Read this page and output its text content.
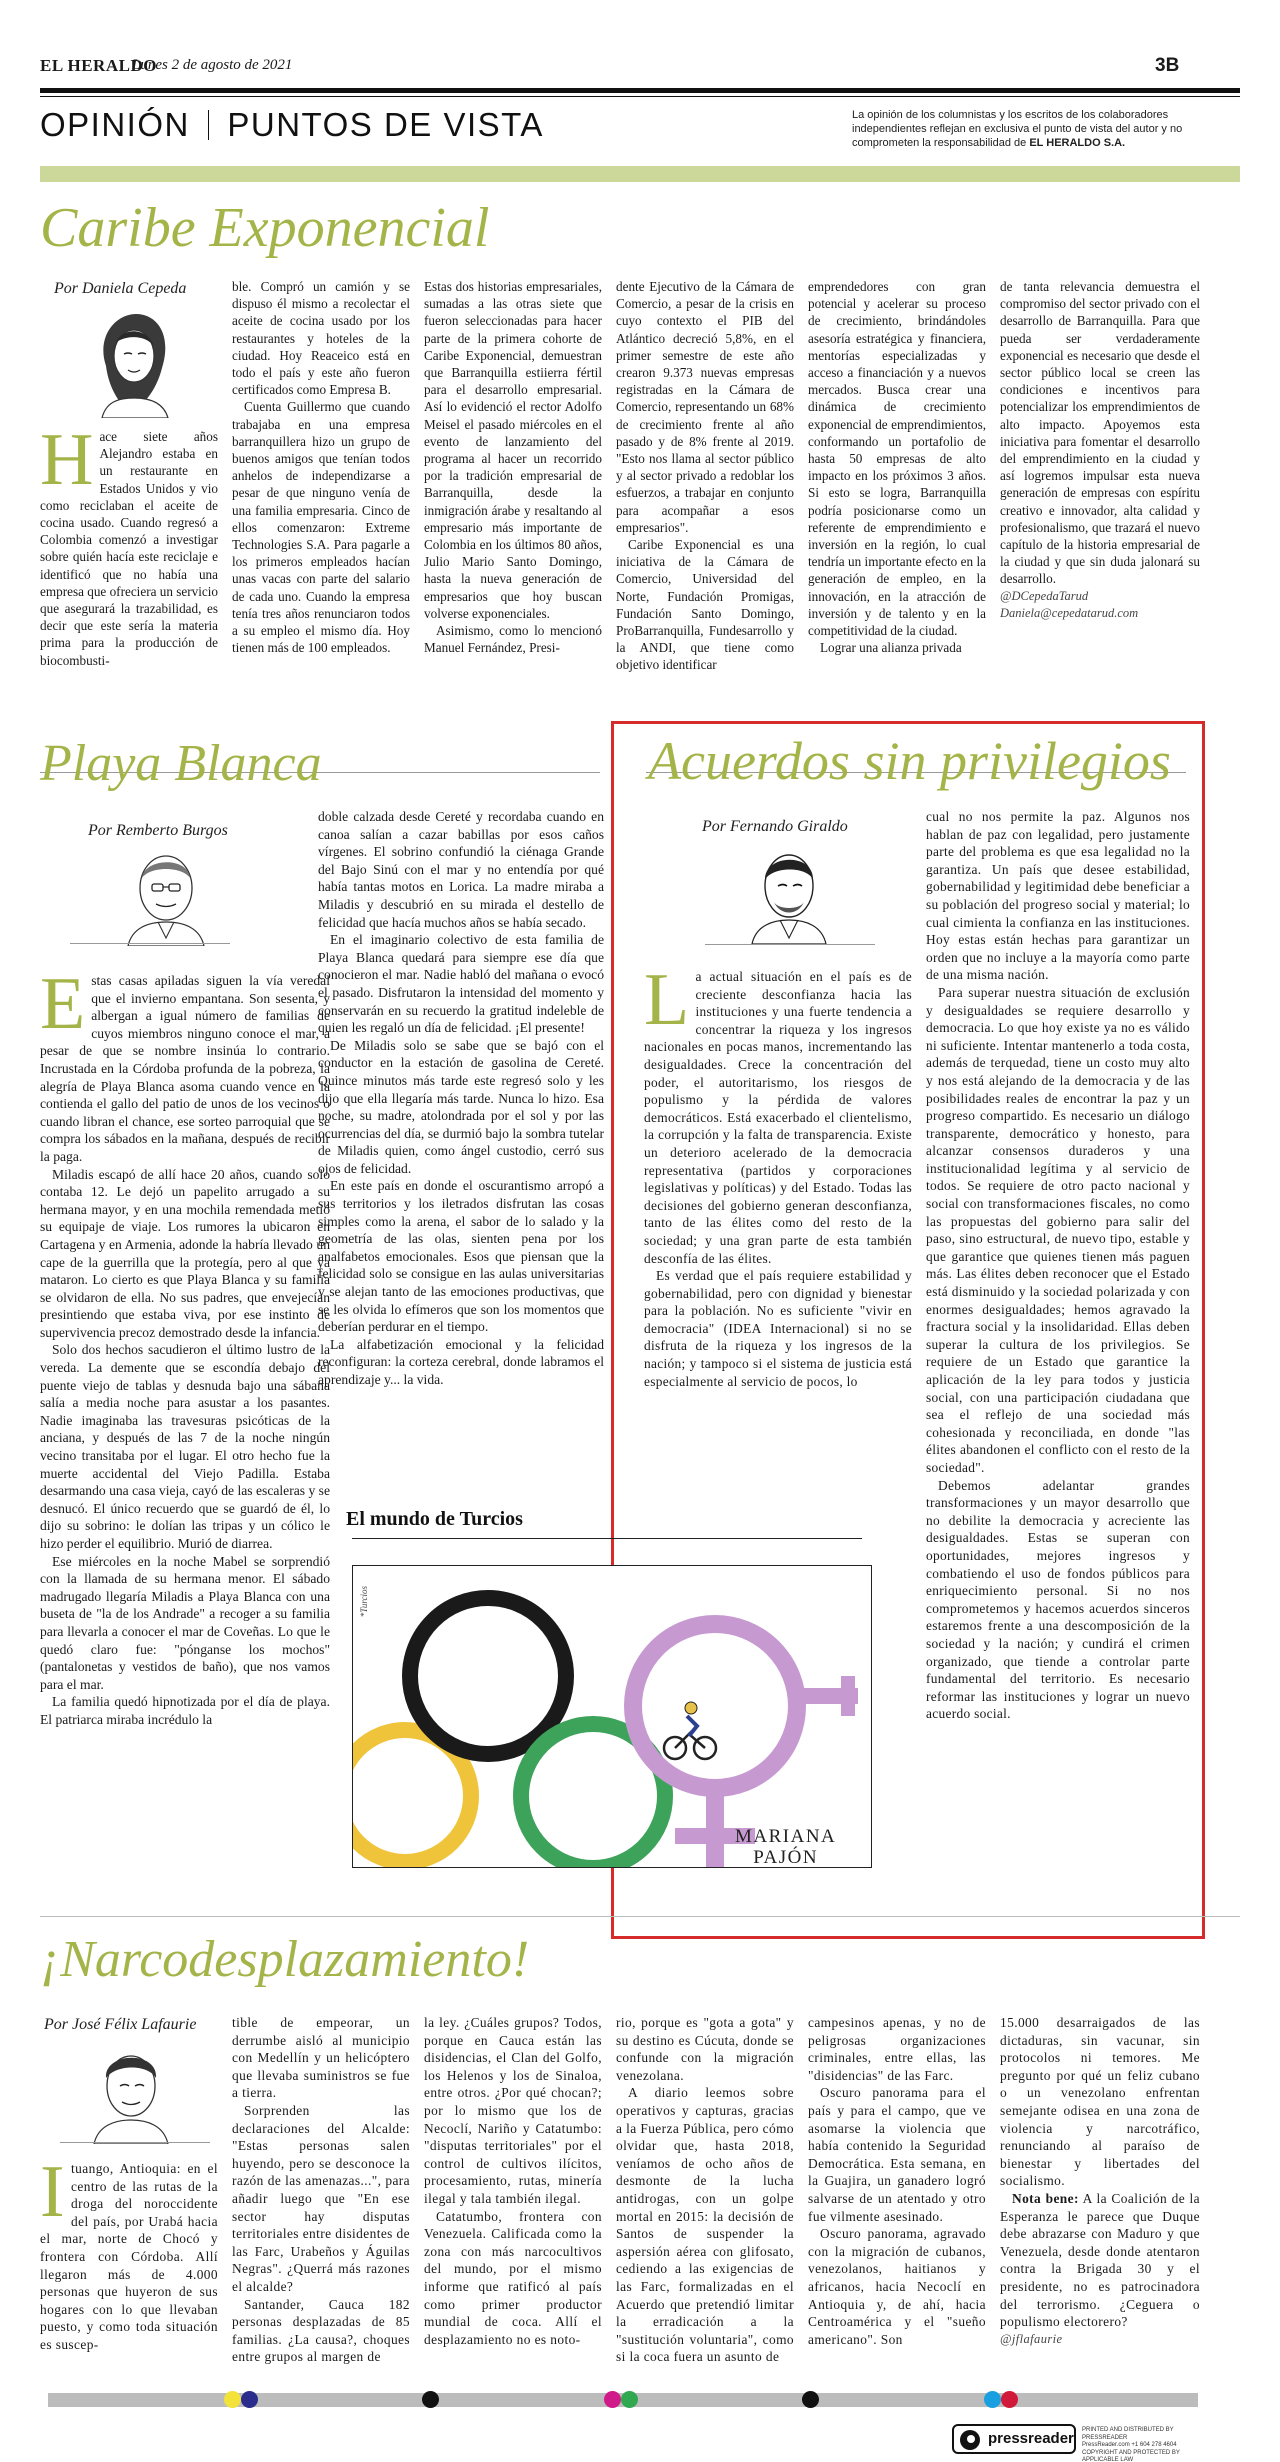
EL HERALDO
Lunes 2 de agosto de 2021	3B
OPINIÓN PUNTOS DE VISTA	La opinión de los columnistas y los escritos de los colaboradores independientes reflejan en exclusiva el punto de vista del autor y no comprometen la responsabilidad de EL HERALDO S.A.
Caribe Exponencial
Por Daniela Cepeda

Hace siete años Alejandro estaba en un restaurante en Estados Unidos y vio como reciclaban el aceite de cocina usado. Cuando regresó a Colombia comenzó a investigar sobre quién hacía este reciclaje e identificó que no había una empresa que ofreciera un servicio que asegurará la trazabilidad, es decir que este sería la materia prima para la producción de biocombusti-

ble. Compró un camión y se dispuso él mismo a recolectar el aceite de cocina usado por los restaurantes y hoteles de la ciudad. Hoy Reaceico está en todo el país y este año fueron certificados como Empresa B.

Cuenta Guillermo que cuando trabajaba en una empresa barranquillera hizo un grupo de buenos amigos que tenían todos anhelos de independizarse a pesar de que ninguno venía de una familia empresaria. Cinco de ellos comenzaron: Extreme Technologies S.A. Para pagarle a los primeros empleados hacían unas vacas con parte del salario de cada uno. Cuando la empresa tenía tres años renunciaron todos a su empleo el mismo día. Hoy tienen más de 100 empleados.

Estas dos historias empresariales, sumadas a las otras siete que fueron seleccionadas para hacer parte de la primera cohorte de Caribe Exponencial, demuestran que Barranquilla estiierra fértil para el desarrollo empresarial. Así lo evidenció el rector Adolfo Meisel el pasado miércoles en el evento de lanzamiento del programa al hacer un recorrido por la tradición empresarial de Barranquilla, desde la inmigración árabe y resaltando al empresario más importante de Colombia en los últimos 80 años, Julio Mario Santo Domingo, hasta la nueva generación de empresarios que hoy buscan volverse exponenciales.

Asimismo, como lo mencionó Manuel Fernández, Presi-

dente Ejecutivo de la Cámara de Comercio, a pesar de la crisis en cuyo contexto el PIB del Atlántico decreció 5,8%, en el primer semestre de este año crearon 9.373 nuevas empresas registradas en la Cámara de Comercio, representando un 68% de crecimiento frente al año pasado y de 8% frente al 2019. "Esto nos llama al sector público y al sector privado a redoblar los esfuerzos, a trabajar en conjunto para acompañar a esos empresarios".

Caribe Exponencial es una iniciativa de la Cámara de Comercio, Universidad del Norte, Fundación Promigas, Fundación Santo Domingo, ProBarranquilla, Fundesarrollo y la ANDI, que tiene como objetivo identificar

emprendedores con gran potencial y acelerar su proceso de crecimiento, brindándoles asesoría estratégica y financiera, mentorías especializadas y acceso a financiación y a nuevos mercados. Busca crear una dinámica de crecimiento exponencial de emprendimientos, conformando un portafolio de hasta 50 empresas de alto impacto en los próximos 3 años. Si esto se logra, Barranquilla podría posicionarse como un referente de emprendimiento e inversión en la región, lo cual tendría un importante efecto en la generación de empleo, en la innovación, en la atracción de inversión y de talento y en la competitividad de la ciudad.

Lograr una alianza privada

de tanta relevancia demuestra el compromiso del sector privado con el desarrollo de Barranquilla. Para que pueda ser verdaderamente exponencial es necesario que desde el sector público local se creen las condiciones e incentivos para potencializar los emprendimientos de alto impacto. Apoyemos esta iniciativa para fomentar el desarrollo del emprendimiento en la ciudad y así logremos impulsar esta nueva generación de empresas con espíritu creativo e innovador, alta calidad y profesionalismo, que trazará el nuevo capítulo de la historia empresarial de la ciudad y que sin duda jalonará su desarrollo.

@DCepedaTarud

Daniela@cepedatarud.com

Playa Blanca
Por Remberto Burgos

Estas casas apiladas siguen la vía veredal que el invierno empantana. Son sesenta, y albergan a igual número de familias de cuyos miembros ninguno conoce el mar, a pesar de que se nombre insinúa lo contrario. Incrustada en la Córdoba profunda de la pobreza, la alegría de Playa Blanca asoma cuando vence en la contienda el gallo del patio de unos de los vecinos o cuando libran el chance, ese sorteo parroquial que se compra los sábados en la mañana, después de recibir la paga.

Miladis escapó de allí hace 20 años, cuando solo contaba 12. Le dejó un papelito arrugado a su hermana mayor, y en una mochila remendada metió su equipaje de viaje. Los rumores la ubicaron en Cartagena y en Armenia, adonde la habría llevado un cape de la guerrilla que la protegía, pero al que ya mataron. Lo cierto es que Playa Blanca y su familia se olvidaron de ella. No sus padres, que envejecían presintiendo que estaba viva, por ese instinto de supervivencia precoz demostrado desde la infancia.

Solo dos hechos sacudieron el último lustro de la vereda. La demente que se escondía debajo del puente viejo de tablas y desnuda bajo una sábana salía a media noche para asustar a los pasantes. Nadie imaginaba las travesuras psicóticas de la anciana, y después de las 7 de la noche ningún vecino transitaba por el lugar. El otro hecho fue la muerte accidental del Viejo Padilla. Estaba desarmando una casa vieja, cayó de las escaleras y se desnucó. El único recuerdo que se guardó de él, lo dijo su sobrino: le dolían las tripas y un cólico le hizo perder el equilibrio. Murió de diarrea.

Ese miércoles en la noche Mabel se sorprendió con la llamada de su hermana menor. El sábado madrugado llegaría Miladis a Playa Blanca con una buseta de "la de los Andrade" a recoger a su familia para llevarla a conocer el mar de Coveñas. Lo que le quedó claro fue: "pónganse los mochos" (pantalonetas y vestidos de baño), que nos vamos para el mar.

La familia quedó hipnotizada por el día de playa. El patriarca miraba incrédulo la

doble calzada desde Cereté y recordaba cuando en canoa salían a cazar babillas por esos caños vírgenes. El sobrino confundió la ciénaga Grande del Bajo Sinú con el mar y no entendía por qué había tantas motos en Lorica. La madre miraba a Miladis y descubrió en su mirada el destello de felicidad que hacía muchos años se había secado.

En el imaginario colectivo de esta familia de Playa Blanca quedará para siempre ese día que conocieron el mar. Nadie habló del mañana o evocó el pasado. Disfrutaron la intensidad del momento y conservarán en su recuerdo la gratitud indeleble de quien les regaló un día de felicidad. ¡El presente!

De Miladis solo se sabe que se bajó con el conductor en la estación de gasolina de Cereté. Quince minutos más tarde este regresó solo y les dijo que ella llegaría más tarde. Nunca lo hizo. Esa noche, su madre, atolondrada por el sol y por las ocurrencias del día, se durmió bajo la sombra tutelar de Miladis quien, como ángel custodio, cerró sus ojos de felicidad.

En este país en donde el oscurantismo arropó a sus territorios y los iletrados disfrutan las cosas simples como la arena, el sabor de lo salado y la geometría de las olas, sienten pena por los analfabetos emocionales. Esos que piensan que la felicidad solo se consigue en las aulas universitarias y se alejan tanto de las emociones productivas, que se les olvida lo efímeros que son los momentos que deberían perdurar en el tiempo.

La alfabetización emocional y la felicidad reconfiguran: la corteza cerebral, donde labramos el aprendizaje y... la vida.

Acuerdos sin privilegios
Por Fernando Giraldo

La actual situación en el país es de creciente desconfianza hacia las instituciones y una fuerte tendencia a concentrar la riqueza y los ingresos nacionales en pocas manos, incrementando las desigualdades. Crece la concentración del poder, el autoritarismo, los riesgos de populismo y la pérdida de valores democráticos. Está exacerbado el clientelismo, la corrupción y la falta de transparencia. Existe un deterioro acelerado de la democracia representativa (partidos y corporaciones legislativas y políticas) y del Estado. Todas las decisiones del gobierno generan desconfianza, tanto de las élites como del resto de la sociedad; y una gran parte de esta también desconfía de las élites.

Es verdad que el país requiere estabilidad y gobernabilidad, pero con dignidad y bienestar para la población. No es suficiente "vivir en democracia" (IDEA Internacional) si no se disfruta de la riqueza y los ingresos de la nación; y tampoco si el sistema de justicia está especialmente al servicio de pocos, lo

cual no nos permite la paz. Algunos nos hablan de paz con legalidad, pero justamente parte del problema es que esa legalidad no la garantiza. Un país que desee estabilidad, gobernabilidad y legitimidad debe beneficiar a su población del progreso social y material; lo cual cimienta la confianza en las instituciones. Hoy estas están hechas para garantizar un orden que no incluye a la mayoría como parte de una misma nación.

Para superar nuestra situación de exclusión y desigualdades se requiere desarrollo y democracia. Lo que hoy existe ya no es válido ni suficiente. Intentar mantenerlo a toda costa, además de terquedad, tiene un costo muy alto y nos está alejando de la democracia y de las posibilidades reales de encontrar la paz y un progreso compartido. Es necesario un diálogo transparente, democrático y honesto, para alcanzar consensos duraderos y una institucionalidad legítima y al servicio de todos. Se requiere de otro pacto nacional y social con transformaciones fiscales, no como las propuestas del gobierno para salir del paso, sino estructural, de nuevo tipo, estable y que garantice que quienes tienen más paguen más. Las élites deben reconocer que el Estado está disminuido y la sociedad polarizada y con enormes desigualdades; hemos agravado la fractura social y la insolidaridad. Ellas deben superar la cultura de los privilegios. Se requiere de un Estado que garantice la aplicación de la ley para todos y justicia social, con una participación ciudadana que sea el reflejo de una sociedad más cohesionada y reconciliada, en donde "las élites abandonen el conflicto con el resto de la sociedad".

Debemos adelantar grandes transformaciones y un mayor desarrollo que no debilite la democracia y acreciente las desigualdades. Estas se superan con oportunidades, mejores ingresos y combatiendo el uso de fondos públicos para enriquecimiento personal. Si no nos comprometemos y hacemos acuerdos sinceros estaremos frente a una descomposición de la sociedad y la nación; y cundirá el crimen organizado, que tiende a controlar parte fundamental del territorio. Es necesario reformar las instituciones y lograr un nuevo acuerdo social.

El mundo de Turcios
*Turcios
MARIANA
PAJÓN
¡Narcodesplazamiento!
Por José Félix Lafaurie

Ituango, Antioquia: en el centro de las rutas de la droga del noroccidente del país, por Urabá hacia el mar, norte de Chocó y frontera con Córdoba. Allí llegaron más de 4.000 personas que huyeron de sus hogares con lo que llevaban puesto, y como toda situación es suscep-

tible de empeorar, un derrumbe aisló al municipio con Medellín y un helicóptero que llevaba suministros se fue a tierra.

Sorprenden las declaraciones del Alcalde: "Estas personas salen huyendo, pero se desconoce la razón de las amenazas...", para añadir luego que "En ese sector hay disputas territoriales entre disidentes de las Farc, Urabeños y Águilas Negras". ¿Querrá más razones el alcalde?

Santander, Cauca 182 personas desplazadas de 85 familias. ¿La causa?, choques entre grupos al margen de

la ley. ¿Cuáles grupos? Todos, porque en Cauca están las disidencias, el Clan del Golfo, los Helenos y los de Sinaloa, entre otros. ¿Por qué chocan?; por lo mismo que los de Necoclí, Nariño y Catatumbo: "disputas territoriales" por el control de cultivos ilícitos, procesamiento, rutas, minería ilegal y tala también ilegal.

Catatumbo, frontera con Venezuela. Calificada como la zona con más narcocultivos del mundo, por el mismo informe que ratificó al país como primer productor mundial de coca. Allí el desplazamiento no es noto-

rio, porque es "gota a gota" y su destino es Cúcuta, donde se confunde con la migración venezolana.

A diario leemos sobre operativos y capturas, gracias a la Fuerza Pública, pero cómo olvidar que, hasta 2018, veníamos de ocho años de desmonte de la lucha antidrogas, con un golpe mortal en 2015: la decisión de Santos de suspender la aspersión aérea con glifosato, cediendo a las exigencias de las Farc, formalizadas en el Acuerdo que pretendió limitar la erradicación a la "sustitución voluntaria", como si la coca fuera un asunto de

campesinos apenas, y no de peligrosas organizaciones criminales, entre ellas, las "disidencias" de las Farc.

Oscuro panorama para el país y para el campo, que ve asomarse la violencia que había contenido la Seguridad Democrática. Esta semana, en la Guajira, un ganadero logró salvarse de un atentado y otro fue vilmente asesinado.

Oscuro panorama, agravado con la migración de cubanos, venezolanos, haitianos y africanos, hacia Necoclí en Antioquia y, de ahí, hacia Centroamérica y el "sueño americano". Son

15.000 desarraigados de las dictaduras, sin vacunar, sin protocolos ni temores. Me pregunto por qué un feliz cubano o un venezolano enfrentan semejante odisea en una zona de violencia y narcotráfico, renunciando al paraíso de bienestar y libertades del socialismo.

Nota bene: A la Coalición de la Esperanza le parece que Duque debe abrazarse con Maduro y que Venezuela, desde donde atentaron contra la Brigada 30 y el presidente, no es patrocinadora del terrorismo. ¿Ceguera o populismo electorero?

@jflafaurie

pressreader	PRINTED AND DISTRIBUTED BY PRESSREADER
PressReader.com +1 604 278 4604
COPYRIGHT AND PROTECTED BY APPLICABLE LAW
